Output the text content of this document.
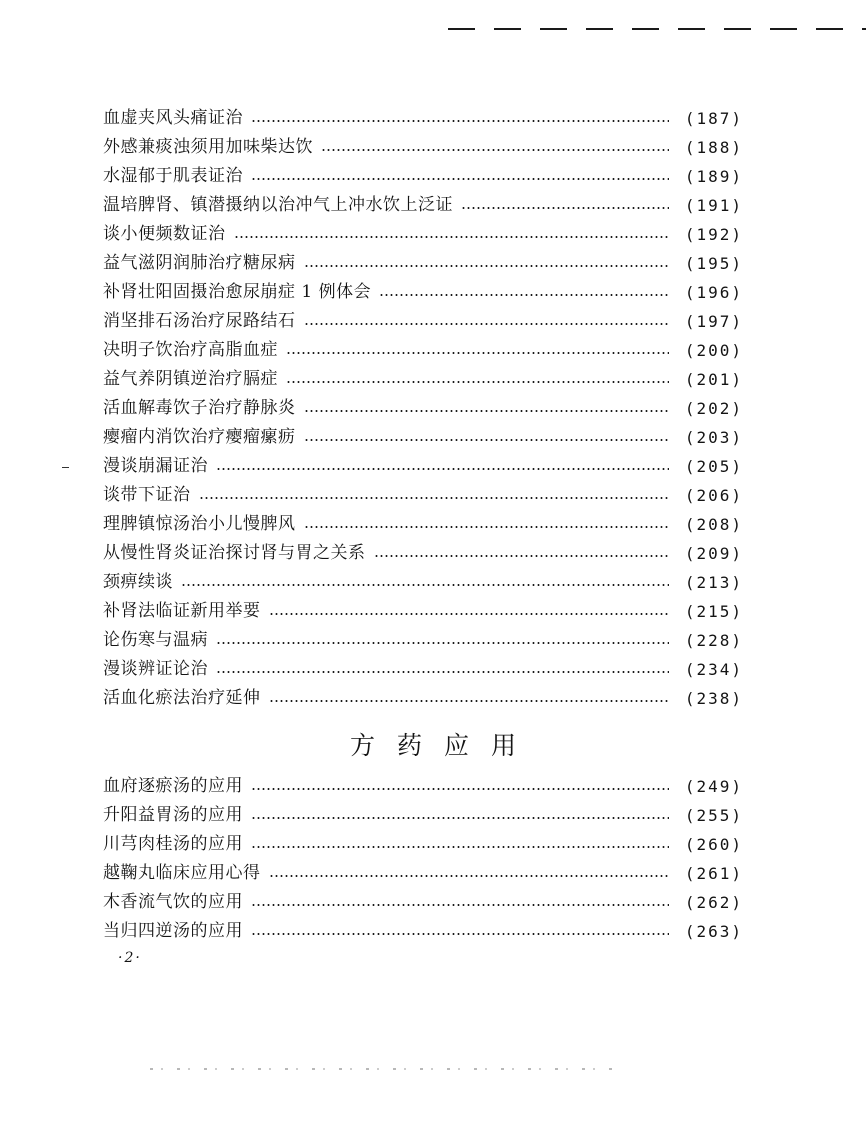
血虚夹风头痛证治	(187)
外感兼痰浊须用加味柴达饮	(188)
水湿郁于肌表证治	(189)
温培脾肾、镇潜摄纳以治冲气上冲水饮上泛证	(191)
谈小便频数证治	(192)
益气滋阴润肺治疗糖尿病	(195)
补肾壮阳固摄治愈尿崩症 1 例体会	(196)
消坚排石汤治疗尿路结石	(197)
决明子饮治疗高脂血症	(200)
益气养阴镇逆治疗膈症	(201)
活血解毒饮子治疗静脉炎	(202)
瘿瘤内消饮治疗瘿瘤瘰疬	(203)
漫谈崩漏证治	(205)
谈带下证治	(206)
理脾镇惊汤治小儿慢脾风	(208)
从慢性肾炎证治探讨肾与胃之关系	(209)
颈痹续谈	(213)
补肾法临证新用举要	(215)
论伤寒与温病	(228)
漫谈辨证论治	(234)
活血化瘀法治疗延伸	(238)
方药应用
血府逐瘀汤的应用	(249)
升阳益胃汤的应用	(255)
川芎肉桂汤的应用	(260)
越鞠丸临床应用心得	(261)
木香流气饮的应用	(262)
当归四逆汤的应用	(263)
·2·
